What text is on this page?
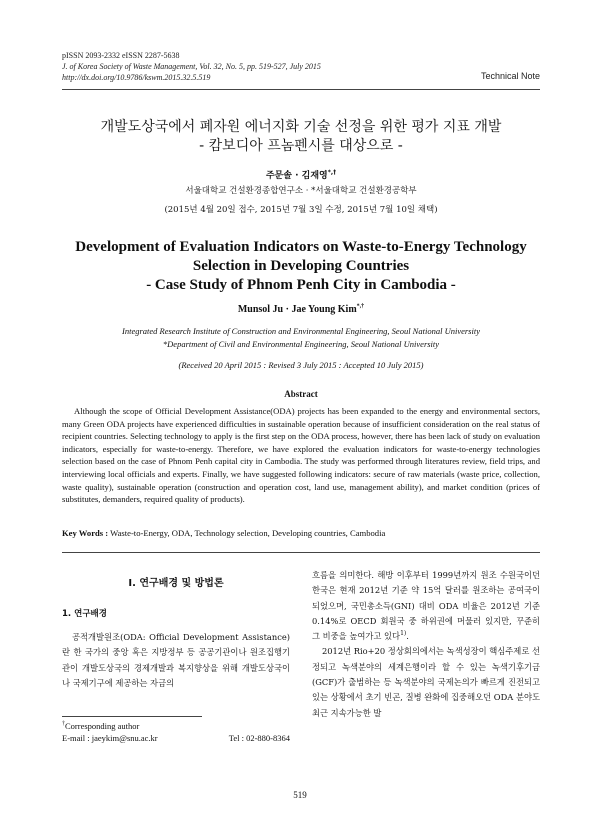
pISSN 2093-2332 eISSN 2287-5638
J. of Korea Society of Waste Management, Vol. 32, No. 5, pp. 519-527, July 2015
http://dx.doi.org/10.9786/kswm.2015.32.5.519	Technical Note
개발도상국에서 폐자원 에너지화 기술 선정을 위한 평가 지표 개발
- 캄보디아 프놈펜시를 대상으로 -
주문솔 · 김재영*,†
서울대학교 건설환경종합연구소 · *서울대학교 건설환경공학부
(2015년 4월 20일 접수, 2015년 7월 3일 수정, 2015년 7월 10일 채택)
Development of Evaluation Indicators on Waste-to-Energy Technology
Selection in Developing Countries
- Case Study of Phnom Penh City in Cambodia -
Munsol Ju · Jae Young Kim*,†
Integrated Research Institute of Construction and Environmental Engineering, Seoul National University
*Department of Civil and Environmental Engineering, Seoul National University
(Received 20 April 2015 : Revised 3 July 2015 : Accepted 10 July 2015)
Abstract
Although the scope of Official Development Assistance(ODA) projects has been expanded to the energy and environmental sectors, many Green ODA projects have experienced difficulties in sustainable operation because of insufficient consideration on the real status of recipient countries. Selecting technology to apply is the first step on the ODA process, however, there has been lack of study on evaluation indicators, especially for waste-to-energy. Therefore, we have explored the evaluation indicators for waste-to-energy technologies selection based on the case of Phnom Penh capital city in Cambodia. The study was performed through literatures review, field trips, and interviewing local officials and experts. Finally, we have suggested following indicators: secure of raw materials (waste price, collection, waste quality), sustainable operation (construction and operation cost, land use, management ability), and market condition (prices of substitutes, demanders, required quality of products).
Key Words : Waste-to-Energy, ODA, Technology selection, Developing countries, Cambodia
I. 연구배경 및 방법론
1. 연구배경

공적개발원조(ODA: Official Development Assistance)란 한 국가의 중앙 혹은 지방정부 등 공공기관이나 원조집행기관이 개발도상국의 경제개발과 복지향상을 위해 개발도상국이나 국제기구에 제공하는 자금의

흐름을 의미한다. 해방 이후부터 1999년까지 원조 수원국이던 한국은 현재 2012년 기준 약 15억 달러를 원조하는 공여국이 되었으며, 국민총소득(GNI) 대비 ODA 비율은 2012년 기준 0.14%로 OECD 회원국 중 하위권에 머물러 있지만, 꾸준히 그 비중을 높여가고 있다$^{1)}$.

2012년 Rio+20 정상회의에서는 녹색성장이 핵심주제로 선정되고 녹색분야의 세계은행이라 할 수 있는 녹색기후기금(GCF)가 출범하는 등 녹색분야의 국제논의가 빠르게 진전되고 있는 상황에서 초기 빈곤, 질병 완화에 집중해오던 ODA 분야도 최근 지속가능한 발

†Corresponding author
E-mail : jaeykim@snu.ac.kr	Tel : 02-880-8364
519
